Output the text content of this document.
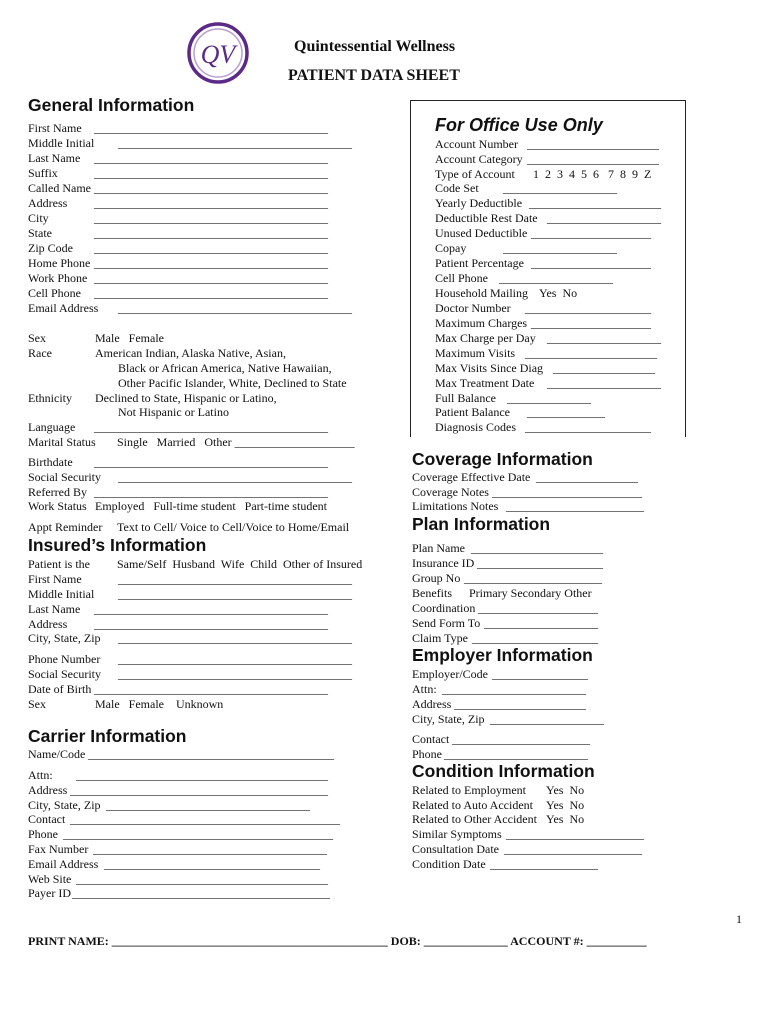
QV	Quintessential Wellness
PATIENT DATA SHEET
General Information
First Name _______________________________________
Middle Initial _______________________________________
Last Name _______________________________________
Suffix	_______________________________________
Called Name _______________________________________
Address _______________________________________
City	_______________________________________
State	_______________________________________
Zip Code _______________________________________
Home Phone _______________________________________
Work Phone _______________________________________
Cell Phone _______________________________________
Email Address _______________________________________
Sex	Male   Female
Race	American Indian, Alaska Native, Asian,
Black or African America, Native Hawaiian,
Other Pacific Islander, White, Declined to State
Ethnicity Declined to State, Hispanic or Latino,
Not Hispanic or Latino
Language _______________________________________
Marital Status Single   Married   Other ____________________
Birthdate _______________________________________
Social Security _______________________________________
Referred By _______________________________________
Work Status Employed   Full-time student   Part-time student
Appt Reminder Text to Cell/ Voice to Cell/Voice to Home/Email
Insured’s Information
Patient is the Same/Self  Husband  Wife  Child  Other of Insured
First Name	_______________________________________
Middle Initial _______________________________________
Last Name _______________________________________
Address _______________________________________
City, State, Zip _______________________________________
Phone Number _______________________________________
Social Security _______________________________________
Date of Birth _______________________________________
Sex	Male   Female    Unknown
Carrier Information
Name/Code _________________________________________
Attn: __________________________________________
Address ___________________________________________
City, State, Zip __________________________________
Contact _____________________________________________
Phone _____________________________________________
Fax Number _______________________________________
Email Address ____________________________________
Web Site __________________________________________
Payer ID ___________________________________________
For Office Use Only
Account Number ______________________
Account Category ______________________
Type of Account 1  2  3  4  5  6   7  8  9  Z
Code Set ___________________
Yearly Deductible ______________________
Deductible Rest Date ___________________
Unused Deductible ____________________
Copay	___________________
Patient Percentage ____________________
Cell Phone ___________________
Household Mailing Yes  No
Doctor Number _____________________
Maximum Charges ____________________
Max Charge per Day ___________________
Maximum Visits ______________________
Max Visits Since Diag _________________
Max Treatment Date ___________________
Full Balance ______________
Patient Balance _____________
Diagnosis Codes _____________________
Coverage Information
Coverage Effective Date _________________
Coverage Notes _________________________
Limitations Notes _______________________
Plan Information
Plan Name ______________________
Insurance ID _____________________
Group No _______________________
Benefits Primary Secondary Other
Coordination ____________________
Send Form To ___________________
Claim Type _____________________
Employer Information
Employer/Code ________________
Attn: ________________________
Address ______________________
City, State, Zip ___________________
Contact _______________________
Phone ________________________
Condition Information
Related to Employment Yes  No
Related to Auto Accident Yes  No
Related to Other Accident Yes  No
Similar Symptoms _______________________
Consultation Date _______________________
Condition Date __________________
1
PRINT NAME: ______________________________________________ DOB: ______________ ACCOUNT #: __________
